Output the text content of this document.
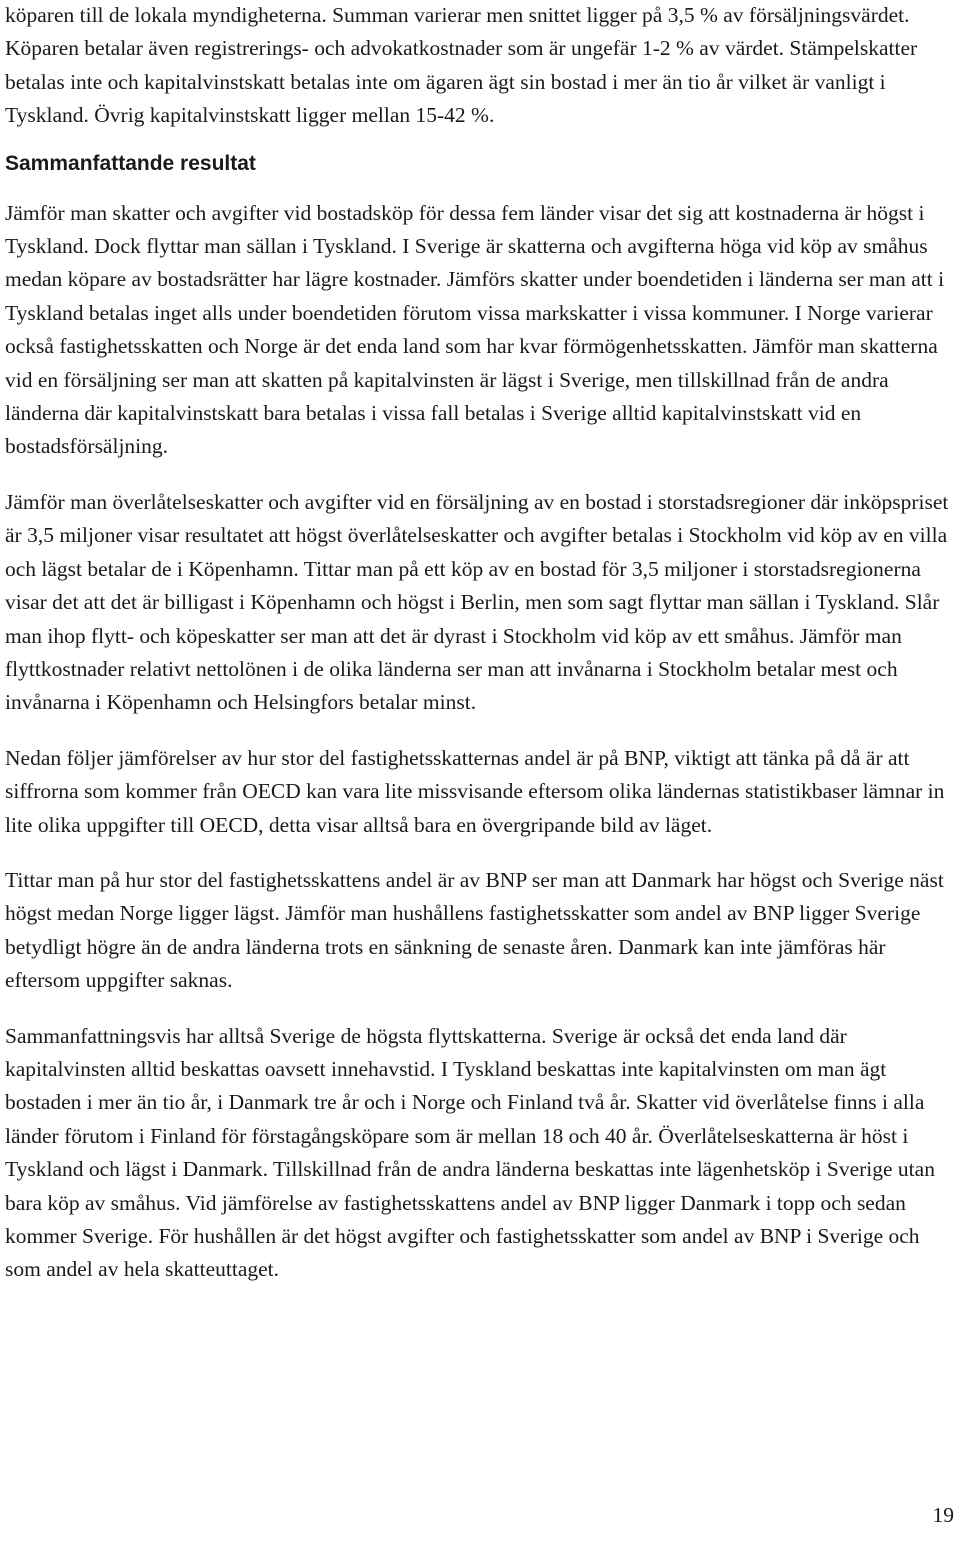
köparen till de lokala myndigheterna. Summan varierar men snittet ligger på 3,5 % av försäljningsvärdet. Köparen betalar även registrerings- och advokatkostnader som är ungefär 1-2 % av värdet. Stämpelskatter betalas inte och kapitalvinstskatt betalas inte om ägaren ägt sin bostad i mer än tio år vilket är vanligt i Tyskland. Övrig kapitalvinstskatt ligger mellan 15-42 %.

Sammanfattande resultat

Jämför man skatter och avgifter vid bostadsköp för dessa fem länder visar det sig att kostnaderna är högst i Tyskland. Dock flyttar man sällan i Tyskland. I Sverige är skatterna och avgifterna höga vid köp av småhus medan köpare av bostadsrätter har lägre kostnader. Jämförs skatter under boendetiden i länderna ser man att i Tyskland betalas inget alls under boendetiden förutom vissa markskatter i vissa kommuner. I Norge varierar också fastighetsskatten och Norge är det enda land som har kvar förmögenhetsskatten. Jämför man skatterna vid en försäljning ser man att skatten på kapitalvinsten är lägst i Sverige, men tillskillnad från de andra länderna där kapitalvinstskatt bara betalas i vissa fall betalas i Sverige alltid kapitalvinstskatt vid en bostadsförsäljning.

Jämför man överlåtelseskatter och avgifter vid en försäljning av en bostad i storstadsregioner där inköpspriset är 3,5 miljoner visar resultatet att högst överlåtelseskatter och avgifter betalas i Stockholm vid köp av en villa och lägst betalar de i Köpenhamn. Tittar man på ett köp av en bostad för 3,5 miljoner i storstadsregionerna visar det att det är billigast i Köpenhamn och högst i Berlin, men som sagt flyttar man sällan i Tyskland. Slår man ihop flytt- och köpeskatter ser man att det är dyrast i Stockholm vid köp av ett småhus. Jämför man flyttkostnader relativt nettolönen i de olika länderna ser man att invånarna i Stockholm betalar mest och invånarna i Köpenhamn och Helsingfors betalar minst.

Nedan följer jämförelser av hur stor del fastighetsskatternas andel är på BNP, viktigt att tänka på då är att siffrorna som kommer från OECD kan vara lite missvisande eftersom olika ländernas statistikbaser lämnar in lite olika uppgifter till OECD, detta visar alltså bara en övergripande bild av läget.

Tittar man på hur stor del fastighetsskattens andel är av BNP ser man att Danmark har högst och Sverige näst högst medan Norge ligger lägst. Jämför man hushållens fastighetsskatter som andel av BNP ligger Sverige betydligt högre än de andra länderna trots en sänkning de senaste åren. Danmark kan inte jämföras här eftersom uppgifter saknas.

Sammanfattningsvis har alltså Sverige de högsta flyttskatterna. Sverige är också det enda land där kapitalvinsten alltid beskattas oavsett innehavstid. I Tyskland beskattas inte kapitalvinsten om man ägt bostaden i mer än tio år, i Danmark tre år och i Norge och Finland två år. Skatter vid överlåtelse finns i alla länder förutom i Finland för förstagångsköpare som är mellan 18 och 40 år. Överlåtelseskatterna är höst i Tyskland och lägst i Danmark. Tillskillnad från de andra länderna beskattas inte lägenhetsköp i Sverige utan bara köp av småhus. Vid jämförelse av fastighetsskattens andel av BNP ligger Danmark i topp och sedan kommer Sverige. För hushållen är det högst avgifter och fastighetsskatter som andel av BNP i Sverige och som andel av hela skatteuttaget.

19
